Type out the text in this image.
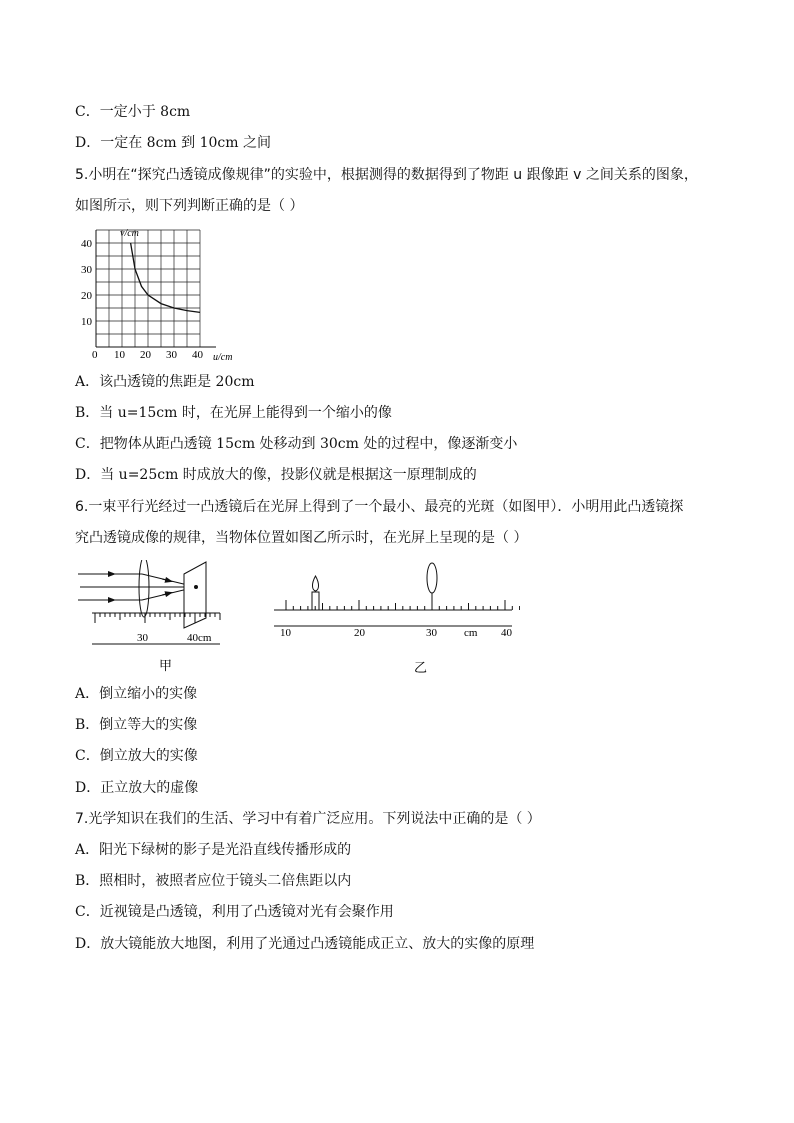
C．一定小于 8cm
D．一定在 8cm 到 10cm 之间
5.小明在“探究凸透镜成像规律”的实验中，根据测得的数据得到了物距 u 跟像距 v 之间关系的图象，
如图所示，则下列判断正确的是（ ）
v/cm
u/cm
40
30
20
10
0 10 20 30 40
A．该凸透镜的焦距是 20cm
B．当 u=15cm 时，在光屏上能得到一个缩小的像
C．把物体从距凸透镜 15cm 处移动到 30cm 处的过程中，像逐渐变小
D．当 u=25cm 时成放大的像，投影仪就是根据这一原理制成的
6.一束平行光经过一凸透镜后在光屏上得到了一个最小、最亮的光斑（如图甲）．小明用此凸透镜探
究凸透镜成像的规律，当物体位置如图乙所示时，在光屏上呈现的是（ ）
30	40cm
甲
10	20	30 cm 40
乙
A．倒立缩小的实像
B．倒立等大的实像
C．倒立放大的实像
D．正立放大的虚像
7.光学知识在我们的生活、学习中有着广泛应用。下列说法中正确的是（ ）
A．阳光下绿树的影子是光沿直线传播形成的
B．照相时，被照者应位于镜头二倍焦距以内
C．近视镜是凸透镜，利用了凸透镜对光有会聚作用
D．放大镜能放大地图，利用了光通过凸透镜能成正立、放大的实像的原理
